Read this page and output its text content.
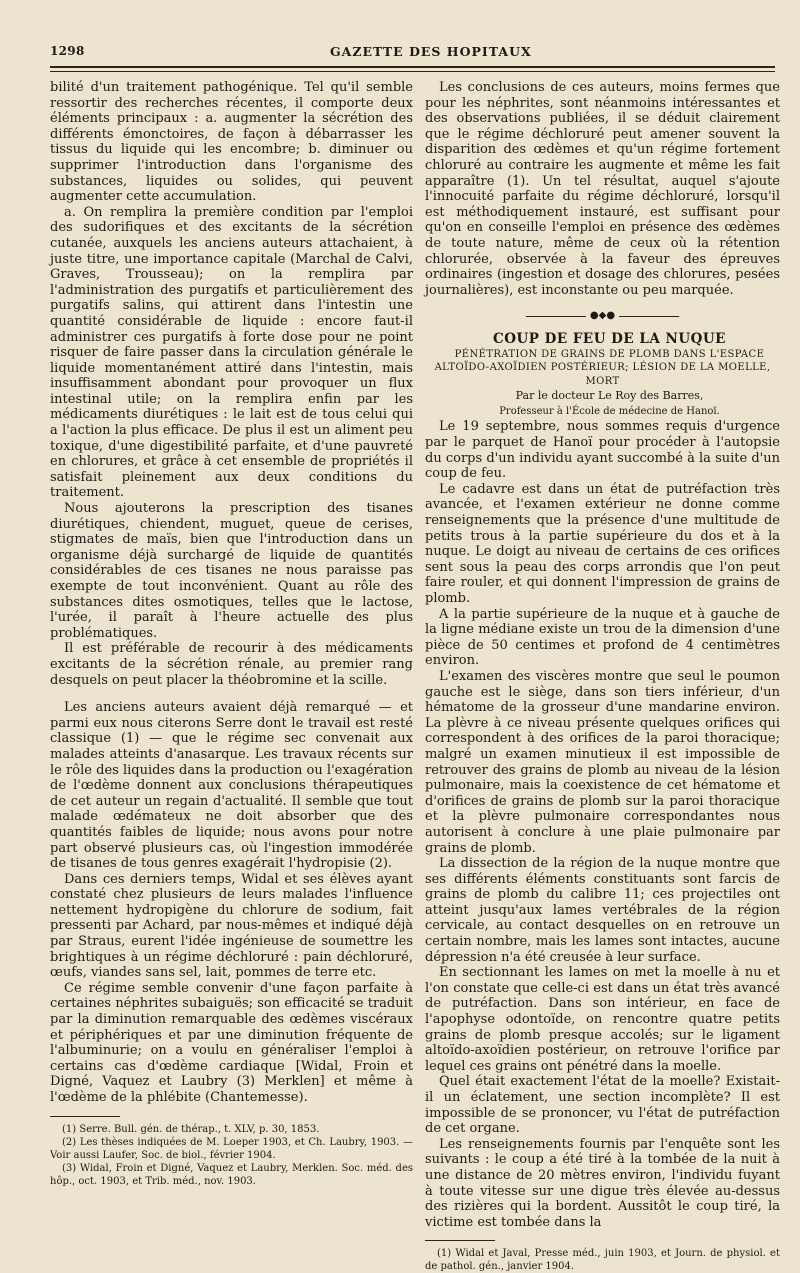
1298	GAZETTE DES HOPITAUX

bilité d'un traitement pathogénique. Tel qu'il semble ressortir des recherches récentes, il comporte deux éléments principaux : a. augmenter la sécrétion des différents émonctoires, de façon à débarrasser les tissus du liquide qui les encombre; b. diminuer ou supprimer l'introduction dans l'organisme des substances, liquides ou solides, qui peuvent augmenter cette accumulation.

a. On remplira la première condition par l'emploi des sudorifiques et des excitants de la sécrétion cutanée, auxquels les anciens auteurs attachaient, à juste titre, une importance capitale (Marchal de Calvi, Graves, Trousseau); on la remplira par l'administration des purgatifs et particulièrement des purgatifs salins, qui attirent dans l'intestin une quantité considérable de liquide : encore faut-il administrer ces purgatifs à forte dose pour ne point risquer de faire passer dans la circulation générale le liquide momentanément attiré dans l'intestin, mais insuffisamment abondant pour provoquer un flux intestinal utile; on la remplira enfin par les médicaments diurétiques : le lait est de tous celui qui a l'action la plus efficace. De plus il est un aliment peu toxique, d'une digestibilité parfaite, et d'une pauvreté en chlorures, et grâce à cet ensemble de propriétés il satisfait pleinement aux deux conditions du traitement.

Nous ajouterons la prescription des tisanes diurétiques, chiendent, muguet, queue de cerises, stigmates de maïs, bien que l'introduction dans un organisme déjà surchargé de liquide de quantités considérables de ces tisanes ne nous paraisse pas exempte de tout inconvénient. Quant au rôle des substances dites osmotiques, telles que le lactose, l'urée, il paraît à l'heure actuelle des plus problématiques.

Il est préférable de recourir à des médicaments excitants de la sécrétion rénale, au premier rang desquels on peut placer la théobromine et la scille.

Les anciens auteurs avaient déjà remarqué — et parmi eux nous citerons Serre dont le travail est resté classique (1) — que le régime sec convenait aux malades atteints d'anasarque. Les travaux récents sur le rôle des liquides dans la production ou l'exagération de l'œdème donnent aux conclusions thérapeutiques de cet auteur un regain d'actualité. Il semble que tout malade œdémateux ne doit absorber que des quantités faibles de liquide; nous avons pour notre part observé plusieurs cas, où l'ingestion immodérée de tisanes de tous genres exagérait l'hydropisie (2).

Dans ces derniers temps, Widal et ses élèves ayant constaté chez plusieurs de leurs malades l'influence nettement hydropigène du chlorure de sodium, fait pressenti par Achard, par nous-mêmes et indiqué déjà par Straus, eurent l'idée ingénieuse de soumettre les brightiques à un régime déchloruré : pain déchloruré, œufs, viandes sans sel, lait, pommes de terre etc.

Ce régime semble convenir d'une façon parfaite à certaines néphrites subaiguës; son efficacité se traduit par la diminution remarquable des œdèmes viscéraux et périphériques et par une diminution fréquente de l'albuminurie; on a voulu en généraliser l'emploi à certains cas d'œdème cardiaque [Widal, Froin et Digné, Vaquez et Laubry (3) Merklen] et même à l'œdème de la phlébite (Chantemesse).

(1) Serre. Bull. gén. de thérap., t. XLV, p. 30, 1853.

(2) Les thèses indiquées de M. Loeper 1903, et Ch. Laubry, 1903. — Voir aussi Laufer, Soc. de biol., février 1904.

(3) Widal, Froin et Digné, Vaquez et Laubry, Merklen. Soc. méd. des hôp., oct. 1903, et Trib. méd., nov. 1903.

Les conclusions de ces auteurs, moins fermes que pour les néphrites, sont néanmoins intéressantes et des observations publiées, il se déduit clairement que le régime déchloruré peut amener souvent la disparition des œdèmes et qu'un régime fortement chloruré au contraire les augmente et même les fait apparaître (1). Un tel résultat, auquel s'ajoute l'innocuité parfaite du régime déchloruré, lorsqu'il est méthodiquement instauré, est suffisant pour qu'on en conseille l'emploi en présence des œdèmes de toute nature, même de ceux où la rétention chlorurée, observée à la faveur des épreuves ordinaires (ingestion et dosage des chlorures, pesées journalières), est inconstante ou peu marquée.

●◆●

COUP DE FEU DE LA NUQUE

PÉNÉTRATION DE GRAINS DE PLOMB DANS L'ESPACE ALTOÏDO-AXOÏDIEN POSTÉRIEUR; LÉSION DE LA MOELLE, MORT

Par le docteur Le Roy des Barres,

Professeur à l'École de médecine de Hanoï.

Le 19 septembre, nous sommes requis d'urgence par le parquet de Hanoï pour procéder à l'autopsie du corps d'un individu ayant succombé à la suite d'un coup de feu.

Le cadavre est dans un état de putréfaction très avancée, et l'examen extérieur ne donne comme renseignements que la présence d'une multitude de petits trous à la partie supérieure du dos et à la nuque. Le doigt au niveau de certains de ces orifices sent sous la peau des corps arrondis que l'on peut faire rouler, et qui donnent l'impression de grains de plomb.

A la partie supérieure de la nuque et à gauche de la ligne médiane existe un trou de la dimension d'une pièce de 50 centimes et profond de 4 centimètres environ.

L'examen des viscères montre que seul le poumon gauche est le siège, dans son tiers inférieur, d'un hématome de la grosseur d'une mandarine environ. La plèvre à ce niveau présente quelques orifices qui correspondent à des orifices de la paroi thoracique; malgré un examen minutieux il est impossible de retrouver des grains de plomb au niveau de la lésion pulmonaire, mais la coexistence de cet hématome et d'orifices de grains de plomb sur la paroi thoracique et la plèvre pulmonaire correspondantes nous autorisent à conclure à une plaie pulmonaire par grains de plomb.

La dissection de la région de la nuque montre que ses différents éléments constituants sont farcis de grains de plomb du calibre 11; ces projectiles ont atteint jusqu'aux lames vertébrales de la région cervicale, au contact desquelles on en retrouve un certain nombre, mais les lames sont intactes, aucune dépression n'a été creusée à leur surface.

En sectionnant les lames on met la moelle à nu et l'on constate que celle-ci est dans un état très avancé de putréfaction. Dans son intérieur, en face de l'apophyse odontoïde, on rencontre quatre petits grains de plomb presque accolés; sur le ligament altoïdo-axoïdien postérieur, on retrouve l'orifice par lequel ces grains ont pénétré dans la moelle.

Quel était exactement l'état de la moelle? Existait-il un éclatement, une section incomplète? Il est impossible de se prononcer, vu l'état de putréfaction de cet organe.

Les renseignements fournis par l'enquête sont les suivants : le coup a été tiré à la tombée de la nuit à une distance de 20 mètres environ, l'individu fuyant à toute vitesse sur une digue très élevée au-dessus des rizières qui la bordent. Aussitôt le coup tiré, la victime est tombée dans la

(1) Widal et Javal, Presse méd., juin 1903, et Journ. de physiol. et de pathol. gén., janvier 1904.
